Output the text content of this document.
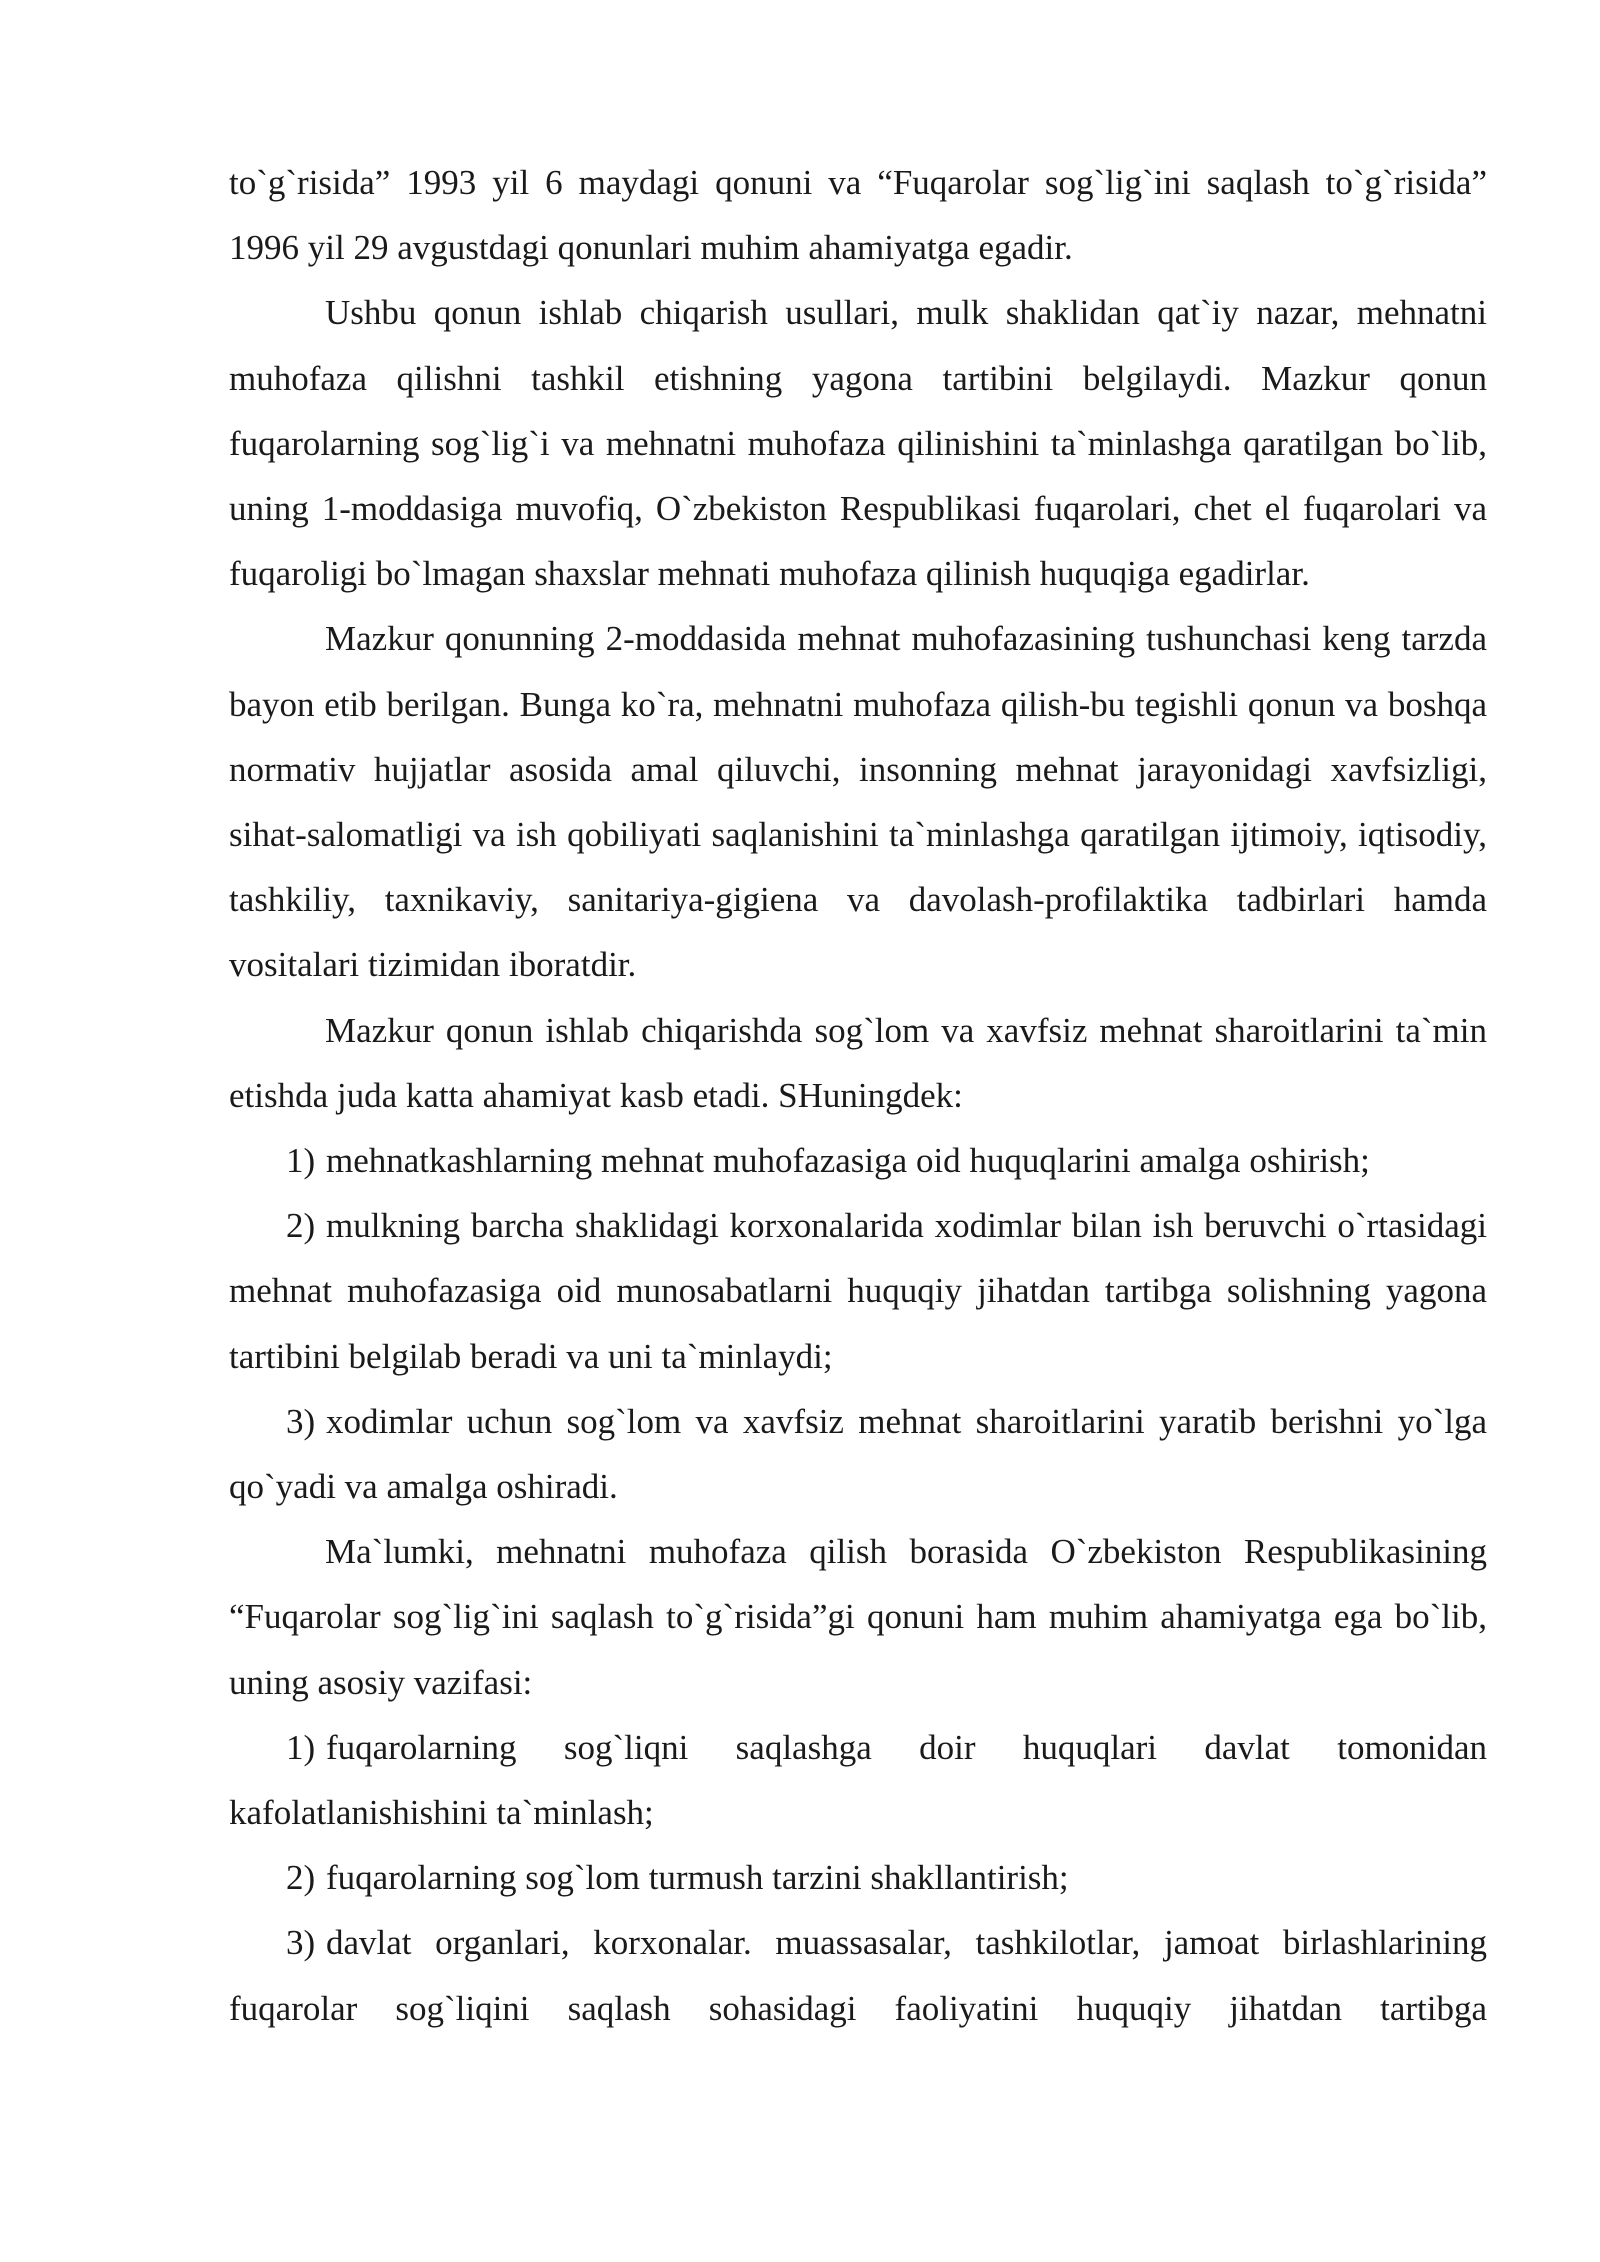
to`g`risida” 1993 yil 6 maydagi qonuni va “Fuqarolar sog`lig`ini saqlash to`g`risida” 1996 yil 29 avgustdagi qonunlari muhim ahamiyatga egadir.

Ushbu qonun ishlab chiqarish usullari, mulk shaklidan qat`iy nazar, mehnatni muhofaza qilishni tashkil etishning yagona tartibini belgilaydi. Mazkur qonun fuqarolarning sog`lig`i va mehnatni muhofaza qilinishini ta`minlashga qaratilgan bo`lib, uning 1-moddasiga muvofiq, O`zbekiston Respublikasi fuqarolari, chet el fuqarolari va fuqaroligi bo`lmagan shaxslar mehnati muhofaza qilinish huquqiga egadirlar.

Mazkur qonunning 2-moddasida mehnat muhofazasining tushunchasi keng tarzda bayon etib berilgan. Bunga ko`ra, mehnatni muhofaza qilish-bu tegishli qonun va boshqa normativ hujjatlar asosida amal qiluvchi, insonning mehnat jarayonidagi xavfsizligi, sihat-salomatligi va ish qobiliyati saqlanishini ta`minlashga qaratilgan ijtimoiy, iqtisodiy, tashkiliy, taxnikaviy, sanitariya-gigiena va davolash-profilaktika tadbirlari hamda vositalari tizimidan iboratdir.

Mazkur qonun ishlab chiqarishda sog`lom va xavfsiz mehnat sharoitlarini ta`min etishda juda katta ahamiyat kasb etadi. SHuningdek:

1) mehnatkashlarning mehnat muhofazasiga oid huquqlarini amalga oshirish;

2) mulkning barcha shaklidagi korxonalarida xodimlar bilan ish beruvchi o`rtasidagi mehnat muhofazasiga oid munosabatlarni huquqiy jihatdan tartibga solishning yagona tartibini belgilab beradi va uni ta`minlaydi;

3) xodimlar uchun sog`lom va xavfsiz mehnat sharoitlarini yaratib berishni yo`lga qo`yadi va amalga oshiradi.

Ma`lumki, mehnatni muhofaza qilish borasida O`zbekiston Respublikasining “Fuqarolar sog`lig`ini saqlash to`g`risida”gi qonuni ham muhim ahamiyatga ega bo`lib, uning asosiy vazifasi:

1) fuqarolarning sog`liqni saqlashga doir huquqlari davlat tomonidan kafolatlanishishini ta`minlash;

2) fuqarolarning sog`lom turmush tarzini shakllantirish;

3) davlat organlari, korxonalar. muassasalar, tashkilotlar, jamoat birlashlarining fuqarolar sog`liqini saqlash sohasidagi faoliyatini huquqiy jihatdan tartibga
